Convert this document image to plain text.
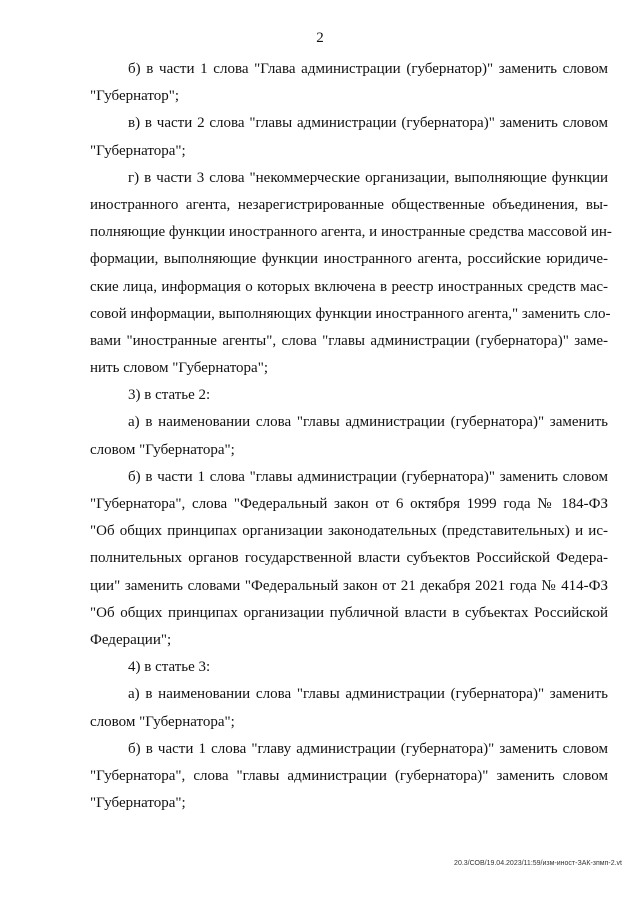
2
б) в части 1 слова "Глава администрации (губернатор)" заменить словом
"Губернатор";
в) в части 2 слова "главы администрации (губернатора)" заменить словом
"Губернатора";
г) в части 3 слова "некоммерческие организации, выполняющие функции
иностранного агента, незарегистрированные общественные объединения, вы-
полняющие функции иностранного агента, и иностранные средства массовой ин-
формации, выполняющие функции иностранного агента, российские юридиче-
ские лица, информация о которых включена в реестр иностранных средств мас-
совой информации, выполняющих функции иностранного агента," заменить сло-
вами "иностранные агенты", слова "главы администрации (губернатора)" заме-
нить словом "Губернатора";
3) в статье 2:
а) в наименовании слова "главы администрации (губернатора)" заменить
словом "Губернатора";
б) в части 1 слова "главы администрации (губернатора)" заменить словом
"Губернатора", слова "Федеральный закон от 6 октября 1999 года № 184-ФЗ
"Об общих принципах организации законодательных (представительных) и ис-
полнительных органов государственной власти субъектов Российской Федера-
ции" заменить словами "Федеральный закон от 21 декабря 2021 года № 414-ФЗ
"Об общих принципах организации публичной власти в субъектах Российской
Федерации";
4) в статье 3:
а) в наименовании слова "главы администрации (губернатора)" заменить
словом "Губернатора";
б) в части 1 слова "главу администрации (губернатора)" заменить словом
"Губернатора", слова "главы администрации (губернатора)" заменить словом
"Губернатора";
20.3/СОВ/19.04.2023/11:59/изм-иност-ЗАК-зпмп-2.vt
